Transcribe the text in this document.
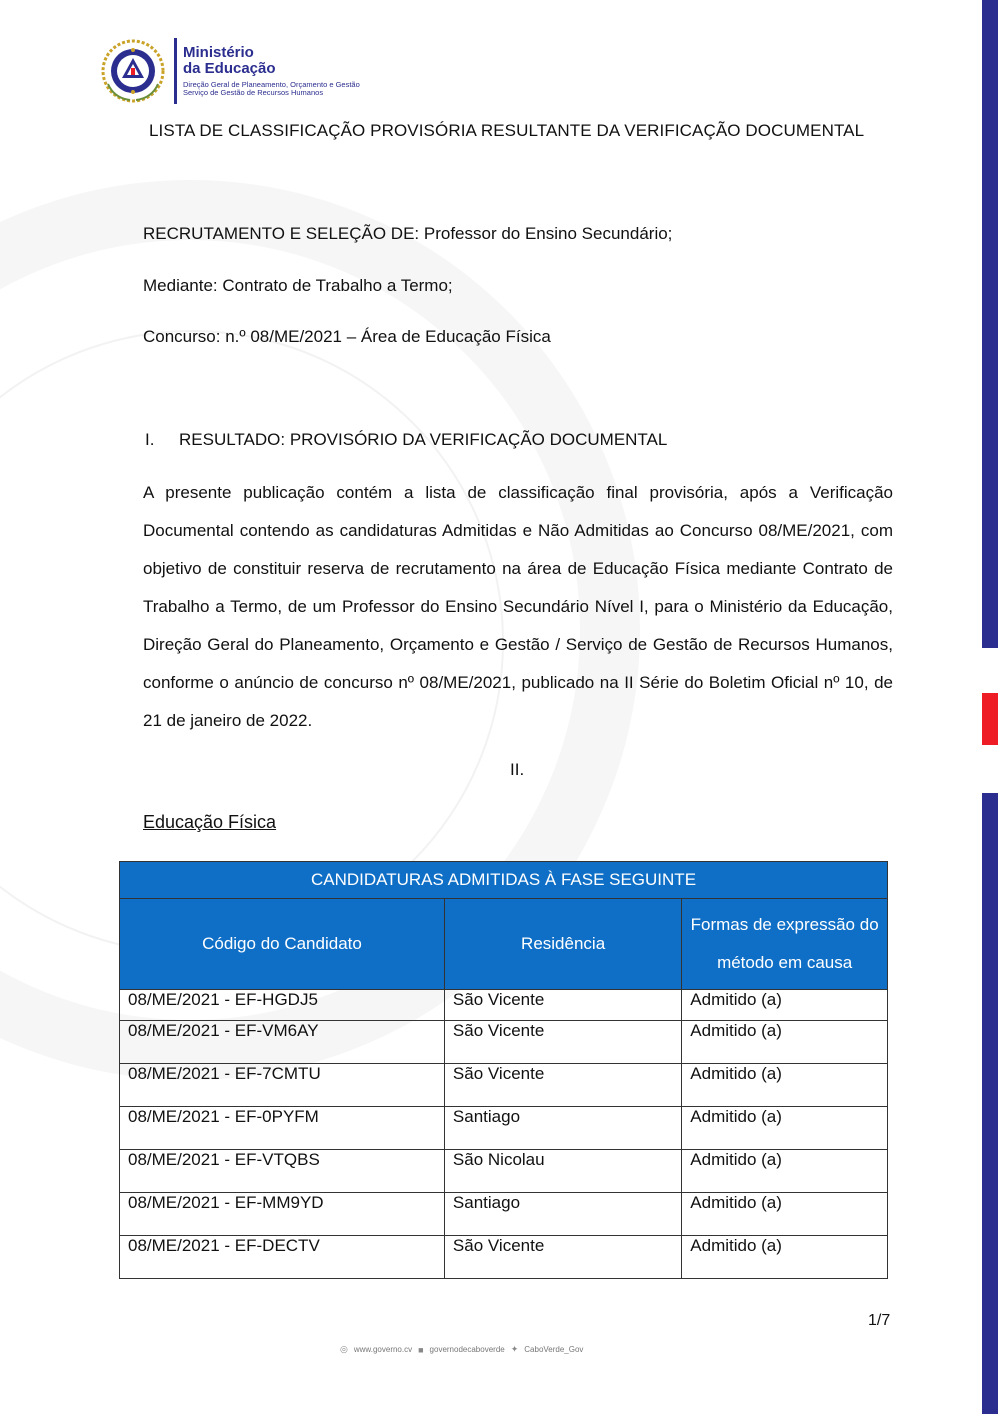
Ministério
da Educação
Direção Geral de Planeamento, Orçamento e Gestão
Serviço de Gestão de Recursos Humanos
LISTA DE CLASSIFICAÇÃO PROVISÓRIA RESULTANTE DA VERIFICAÇÃO DOCUMENTAL
RECRUTAMENTO E SELEÇÃO DE: Professor do Ensino Secundário;
Mediante: Contrato de Trabalho a Termo;
Concurso: n.º 08/ME/2021 – Área de Educação Física
I. RESULTADO: PROVISÓRIO DA VERIFICAÇÃO DOCUMENTAL
A presente publicação contém a lista de classificação final provisória, após a Verificação Documental contendo as candidaturas Admitidas e Não Admitidas ao Concurso 08/ME/2021, com objetivo de constituir reserva de recrutamento na área de Educação Física mediante Contrato de Trabalho a Termo, de um Professor do Ensino Secundário Nível I, para o Ministério da Educação, Direção Geral do Planeamento, Orçamento e Gestão / Serviço de Gestão de Recursos Humanos, conforme o anúncio de concurso nº 08/ME/2021, publicado na II Série do Boletim Oficial nº 10, de 21 de janeiro de 2022.
II.
Educação Física
CANDIDATURAS ADMITIDAS À FASE SEGUINTE		
Código do Candidato	Residência	Formas de expressão do método em causa
08/ME/2021 - EF-HGDJ5	São Vicente	Admitido (a)
08/ME/2021 - EF-VM6AY	São Vicente	Admitido (a)
08/ME/2021 - EF-7CMTU	São Vicente	Admitido (a)
08/ME/2021 - EF-0PYFM	Santiago	Admitido (a)
08/ME/2021 - EF-VTQBS	São Nicolau	Admitido (a)
08/ME/2021 - EF-MM9YD	Santiago	Admitido (a)
08/ME/2021 - EF-DECTV	São Vicente	Admitido (a)
1/7
◎ www.governo.cv ■ governodecaboverde ✦ CaboVerde_Gov
